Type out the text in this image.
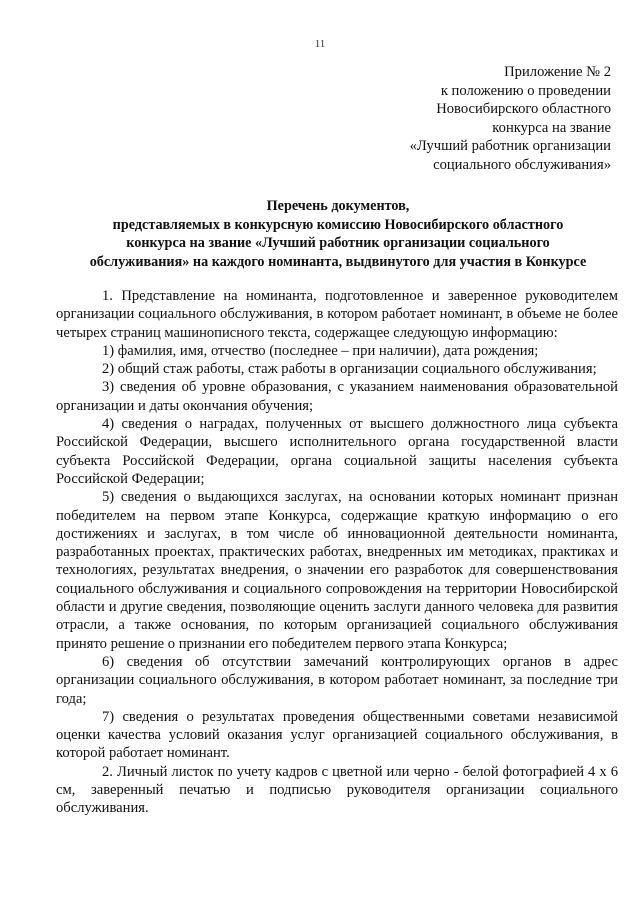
11
Приложение № 2
к положению о проведении
Новосибирского областного
конкурса на звание
«Лучший работник организации
социального обслуживания»
Перечень документов,
представляемых в конкурсную комиссию Новосибирского областного
конкурса на звание «Лучший работник организации социального
обслуживания» на каждого номинанта, выдвинутого для участия в Конкурсе

1. Представление на номинанта, подготовленное и заверенное руководителем организации социального обслуживания, в котором работает номинант, в объеме не более четырех страниц машинописного текста, содержащее следующую информацию:

1) фамилия, имя, отчество (последнее – при наличии), дата рождения;

2) общий стаж работы, стаж работы в организации социального обслуживания;

3) сведения об уровне образования, с указанием наименования образовательной организации и даты окончания обучения;

4) сведения о наградах, полученных от высшего должностного лица субъекта Российской Федерации, высшего исполнительного органа государственной власти субъекта Российской Федерации, органа социальной защиты населения субъекта Российской Федерации;

5) сведения о выдающихся заслугах, на основании которых номинант признан победителем на первом этапе Конкурса, содержащие краткую информацию о его достижениях и заслугах, в том числе об инновационной деятельности номинанта, разработанных проектах, практических работах, внедренных им методиках, практиках и технологиях, результатах внедрения, о значении его разработок для совершенствования социального обслуживания и социального сопровождения на территории Новосибирской области и другие сведения, позволяющие оценить заслуги данного человека для развития отрасли, а также основания, по которым организацией социального обслуживания принято решение о признании его победителем первого этапа Конкурса;

6) сведения об отсутствии замечаний контролирующих органов в адрес организации социального обслуживания, в котором работает номинант, за последние три года;

7) сведения о результатах проведения общественными советами независимой оценки качества условий оказания услуг организацией социального обслуживания, в которой работает номинант.

2. Личный листок по учету кадров с цветной или черно - белой фотографией 4 х 6 см, заверенный печатью и подписью руководителя организации социального обслуживания.
